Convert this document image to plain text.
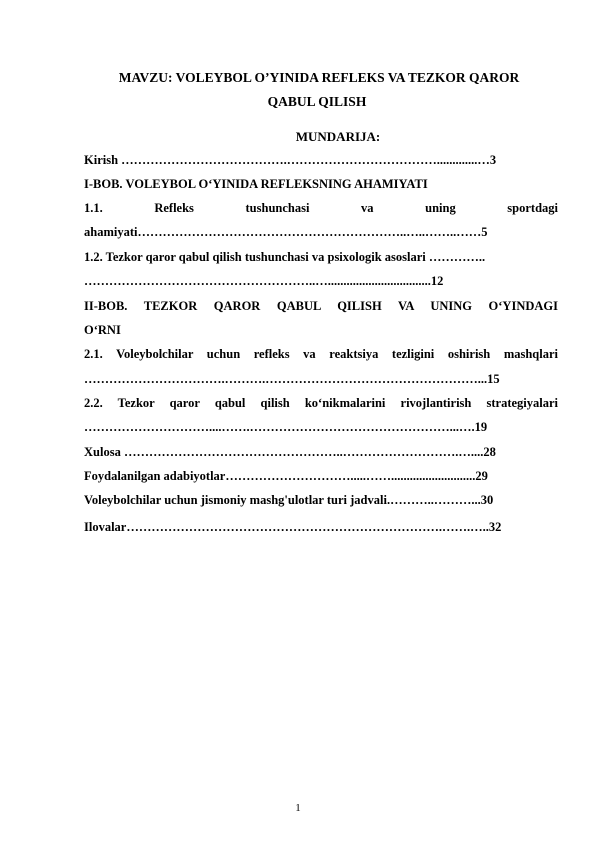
MAVZU: VOLEYBOL O’YINIDA REFLEKS VA TEZKOR QAROR
QABUL QILISH
MUNDARIJA:
Kirish ………………………………….……………………………….............…3
I-BOB. VOLEYBOL O‘YINIDA REFLEKSNING AHAMIYATI
1.1. Refleks tushunchasi va uning sportdagi
ahamiyati………………………………………………………..…..……..……5
1.2. Tezkor qaror qabul qilish tushunchasi va psixologik asoslari …………..
………………………………………………..….................................12
II-BOB. TEZKOR QAROR QABUL QILISH VA UNING O‘YINDAGI
O‘RNI
2.1. Voleybolchilar uchun refleks va reaktsiya tezligini oshirish mashqlari
…………………………….……….……………………………………………...15
2.2. Tezkor qaror qabul qilish ko‘nikmalarini rivojlantirish strategiyalari
…………………………....…….…………………………………………...….19
Xulosa ……………………………………………..……………………….…....28
Foydalanilgan adabiyotlar………………………….....……...........................29
Voleybolchilar uchun jismoniy mashg'ulotlar turi jadvali.………..………...30
Ilovalar………………………………………………………………….…….…..32
1
